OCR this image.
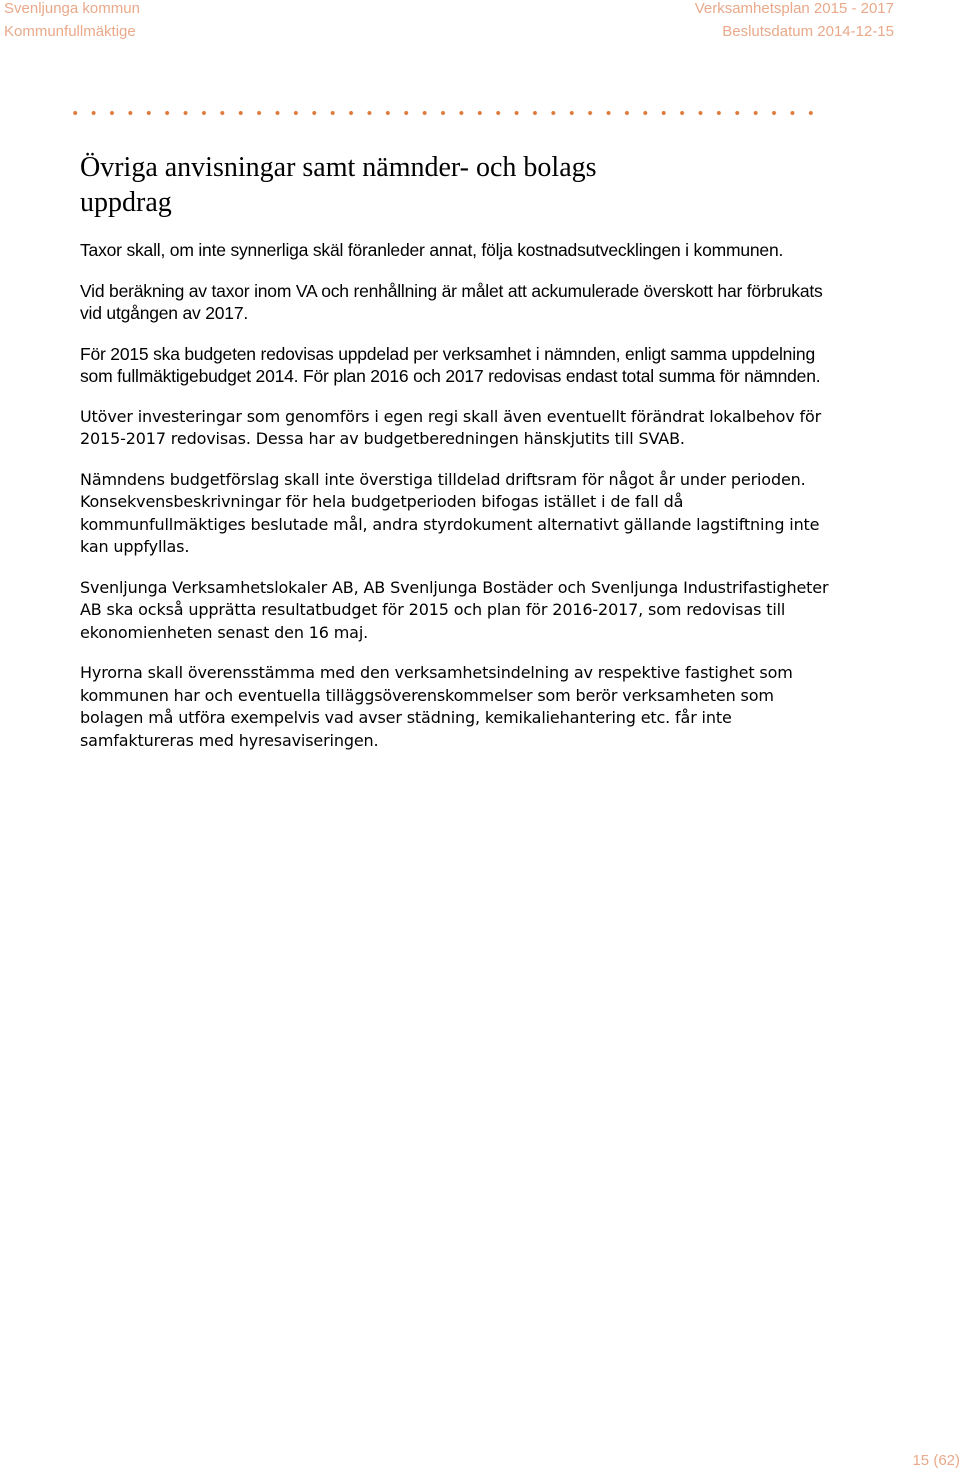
Svenljunga kommun
Kommunfullmäktige
Verksamhetsplan 2015 - 2017
Beslutsdatum 2014-12-15
Övriga anvisningar samt nämnder- och bolags
uppdrag

Taxor skall, om inte synnerliga skäl föranleder annat, följa kostnadsutvecklingen i kommunen.

Vid beräkning av taxor inom VA och renhållning är målet att ackumulerade överskott har förbrukats vid utgången av 2017.

För 2015 ska budgeten redovisas uppdelad per verksamhet i nämnden, enligt samma uppdelning som fullmäktigebudget 2014. För plan 2016 och 2017 redovisas endast total summa för nämnden.

Utöver investeringar som genomförs i egen regi skall även eventuellt förändrat lokalbehov för 2015-2017 redovisas. Dessa har av budgetberedningen hänskjutits till SVAB.

Nämndens budgetförslag skall inte överstiga tilldelad driftsram för något år under perioden. Konsekvensbeskrivningar för hela budgetperioden bifogas istället i de fall då kommunfullmäktiges beslutade mål, andra styrdokument alternativt gällande lagstiftning inte kan uppfyllas.

Svenljunga Verksamhetslokaler AB, AB Svenljunga Bostäder och Svenljunga Industrifastigheter AB ska också upprätta resultatbudget för 2015 och plan för 2016-2017, som redovisas till ekonomienheten senast den 16 maj.

Hyrorna skall överensstämma med den verksamhetsindelning av respektive fastighet som kommunen har och eventuella tilläggsöverenskommelser som berör verksamheten som bolagen må utföra exempelvis vad avser städning, kemikaliehantering etc. får inte samfaktureras med hyresaviseringen.

15 (62)
